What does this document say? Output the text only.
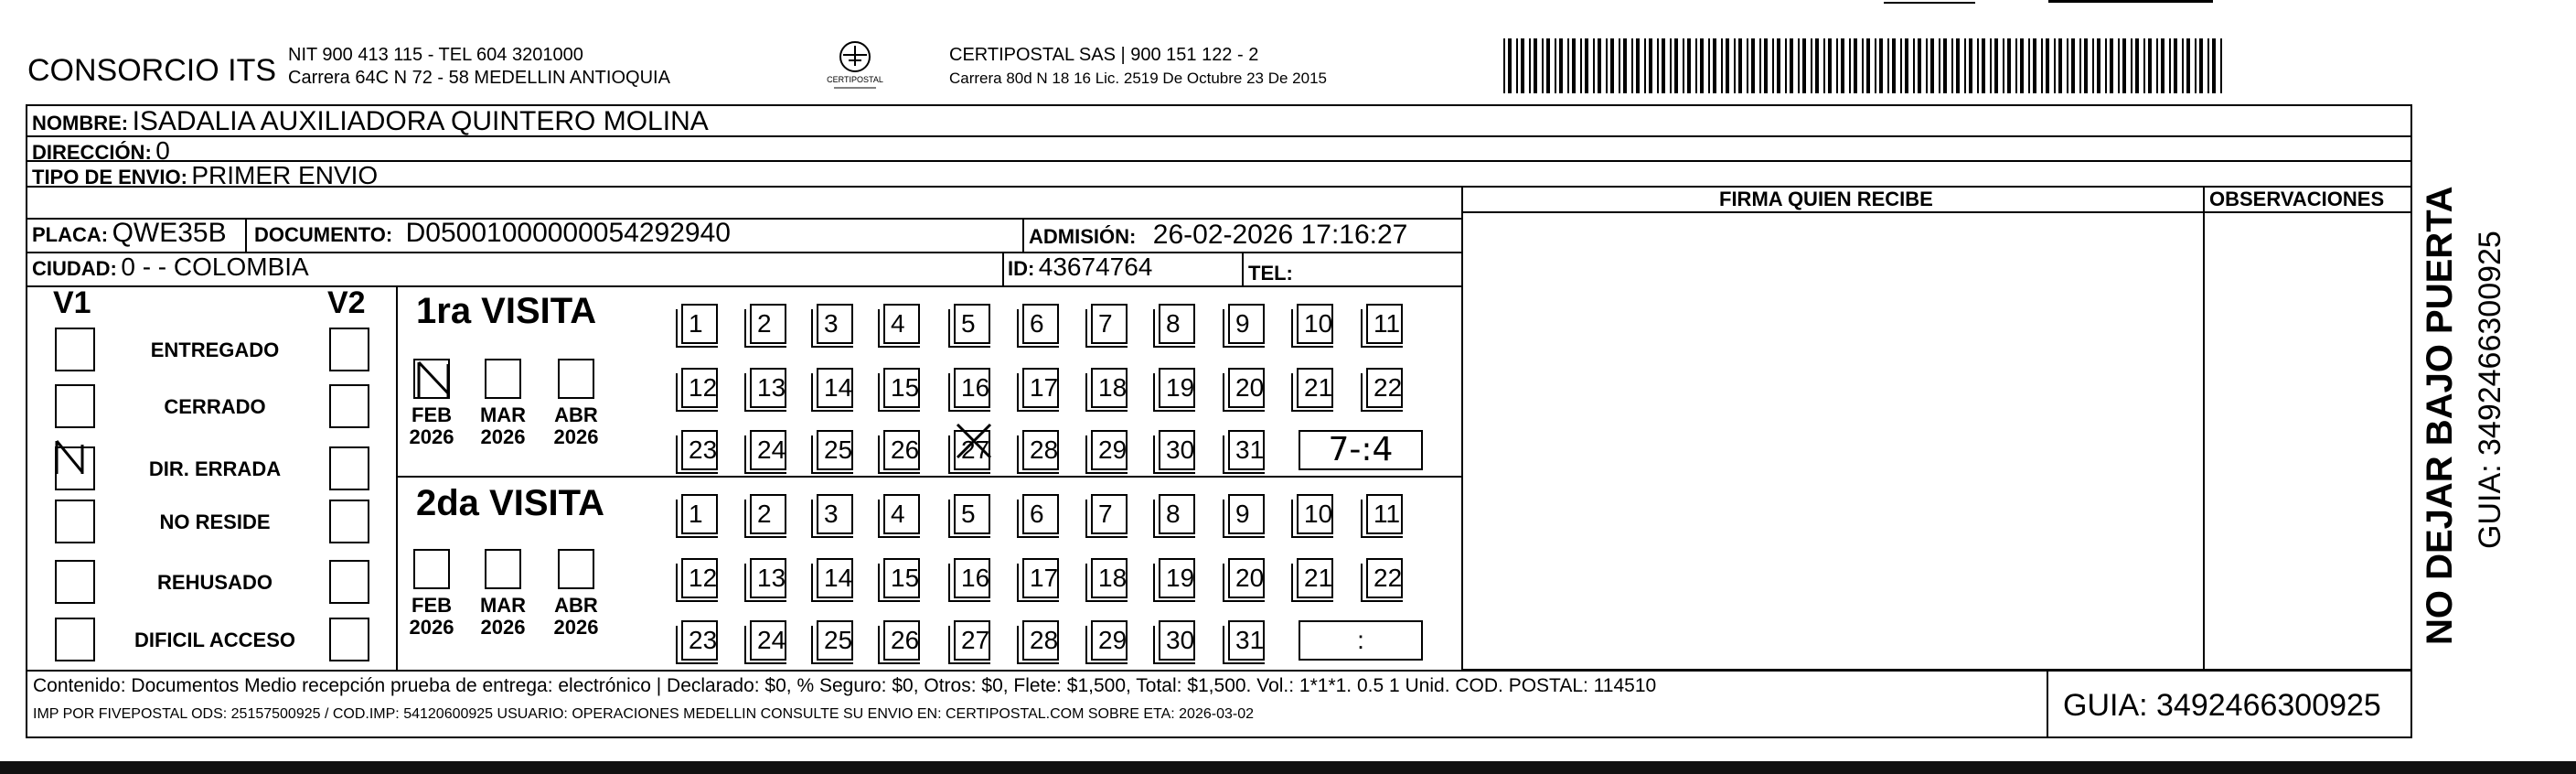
CONSORCIO ITS NIT 900 413 115 - TEL 604 3201000
Carrera 64C N 72 - 58 MEDELLIN ANTIOQUIA	CERTIPOSTAL
CERTIPOSTAL SAS | 900 151 122 - 2
Carrera 80d N 18 16 Lic. 2519 De Octubre 23 De 2015
NOMBRE: ISADALIA AUXILIADORA QUINTERO MOLINA
DIRECCIÓN: 0
TIPO DE ENVIO: PRIMER ENVIO
FIRMA QUIEN RECIBE	OBSERVACIONES
PLACA: QWE35B DOCUMENTO: D05001000000054292940	ADMISIÓN: 26-02-2026 17:16:27
CIUDAD: 0 - - COLOMBIA	ID: 43674764	TEL:
V1	V2
ENTREGADO
CERRADO
DIR. ERRADA
NO RESIDE
REHUSADO
DIFICIL ACCESO
1ra VISITA
2da VISITA
FEB
2026
MAR
2026
ABR
2026
FEB
2026
MAR
2026
ABR
2026
1	2	3	4	5	6	7	8	9	10 11
12 13 14 15 16 17 18 19 20 21 22
23 24 25 26 27 28 29 30 31
1	2	3	4	5	6	7	8	9	10 11
12 13 14 15 16 17 18 19 20 21 22
23 24 25 26 27 28 29 30 31
7-:4
:
Contenido: Documentos Medio recepción prueba de entrega: electrónico | Declarado: $0, % Seguro: $0, Otros: $0, Flete: $1,500, Total: $1,500. Vol.: 1*1*1. 0.5 1 Unid. COD. POSTAL: 114510
IMP POR FIVEPOSTAL ODS: 25157500925 / COD.IMP: 54120600925 USUARIO: OPERACIONES MEDELLIN CONSULTE SU ENVIO EN: CERTIPOSTAL.COM SOBRE ETA: 2026-03-02	GUIA: 3492466300925
NO DEJAR BAJO PUERTA GUIA: 3492466300925
